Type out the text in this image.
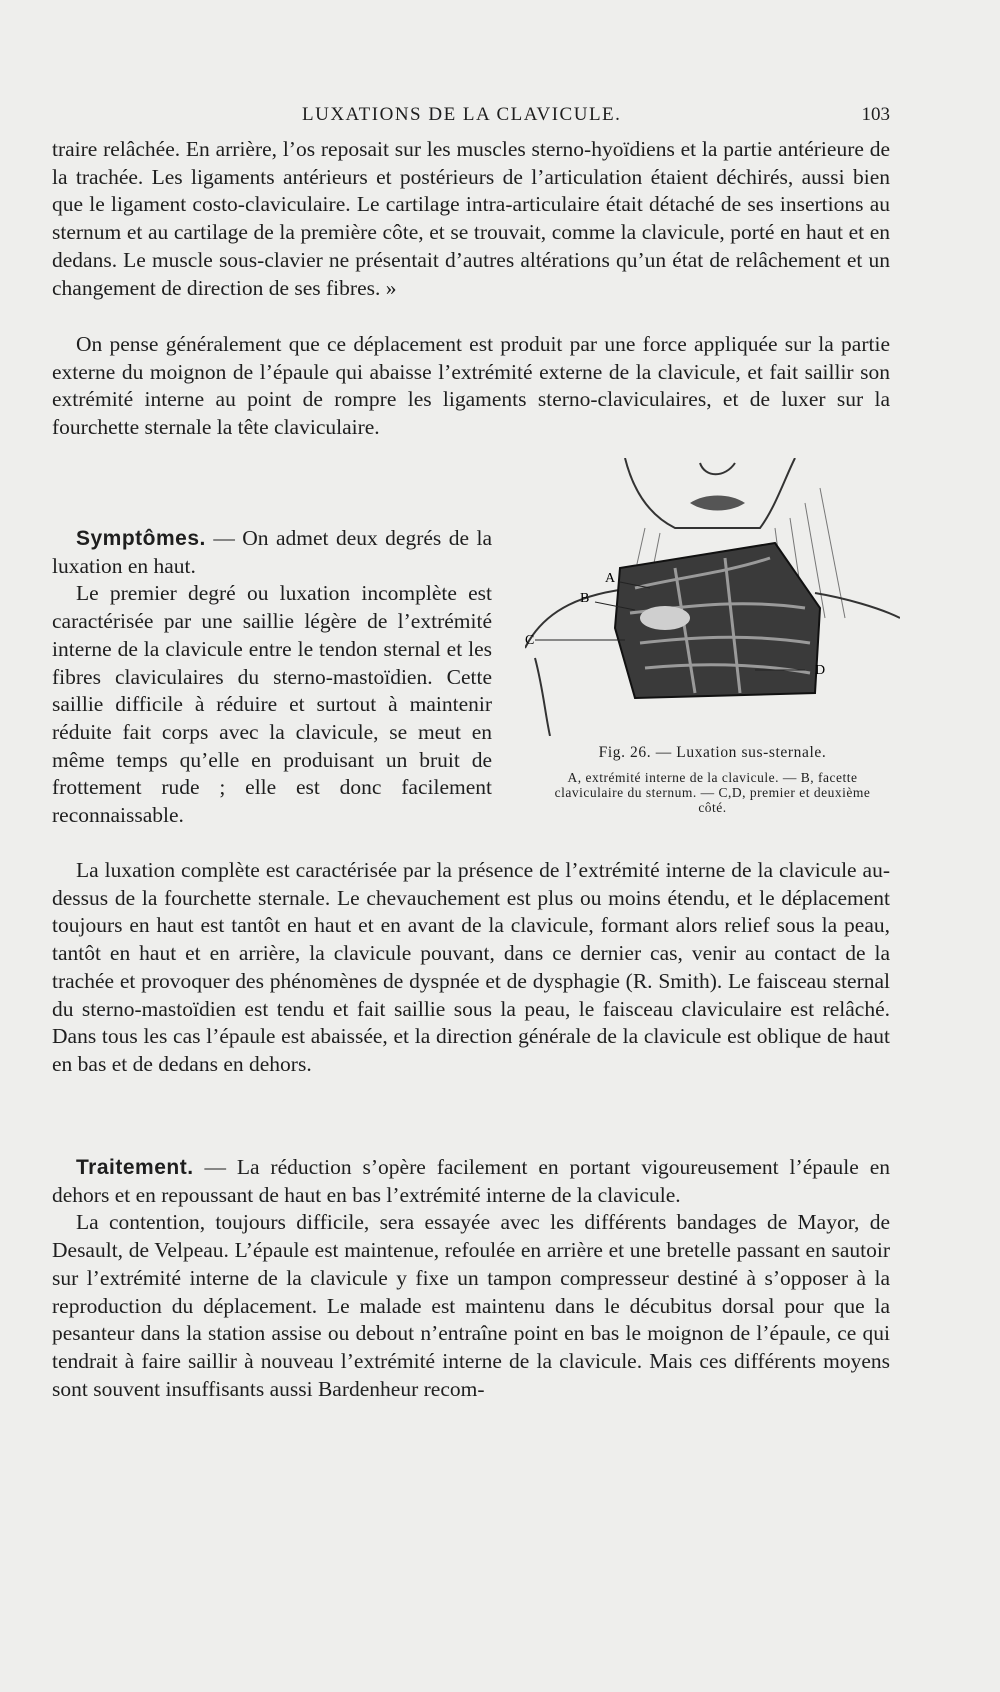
LUXATIONS DE LA CLAVICULE.	103

traire relâchée. En arrière, l’os reposait sur les muscles sterno-hyoïdiens et la partie antérieure de la trachée. Les ligaments antérieurs et postérieurs de l’articulation étaient déchirés, aussi bien que le ligament costo-claviculaire. Le cartilage intra-articulaire était détaché de ses insertions au sternum et au cartilage de la première côte, et se trouvait, comme la clavicule, porté en haut et en dedans. Le muscle sous-clavier ne présentait d’autres altérations qu’un état de relâchement et un changement de direction de ses fibres. »

On pense généralement que ce déplacement est produit par une force appliquée sur la partie externe du moignon de l’épaule qui abaisse l’extrémité externe de la clavicule, et fait saillir son extrémité interne au point de rompre les ligaments sterno-claviculaires, et de luxer sur la fourchette sternale la tête claviculaire.

Symptômes. — On admet deux degrés de la luxation en haut.

Le premier degré ou luxation incomplète est caractérisée par une saillie légère de l’extrémité interne de la clavicule entre le tendon sternal et les fibres claviculaires du sterno-mastoïdien. Cette saillie difficile à réduire et surtout à maintenir réduite fait corps avec la clavicule, se meut en même temps qu’elle en produisant un bruit de frottement rude ; elle est donc facilement reconnaissable.

La luxation complète est caractérisée par la présence de l’extrémité interne de la clavicule au-dessus de la fourchette sternale. Le chevauchement est plus ou moins étendu, et le déplacement toujours en haut est tantôt en haut et en avant de la clavicule, formant alors relief sous la peau, tantôt en haut et en arrière, la clavicule pouvant, dans ce dernier cas, venir au contact de la trachée et provoquer des phénomènes de dyspnée et de dysphagie (R. Smith). Le faisceau sternal du sterno-mastoïdien est tendu et fait saillie sous la peau, le faisceau claviculaire est relâché. Dans tous les cas l’épaule est abaissée, et la direction générale de la clavicule est oblique de haut en bas et de dedans en dehors.

Traitement. — La réduction s’opère facilement en portant vigoureusement l’épaule en dehors et en repoussant de haut en bas l’extrémité interne de la clavicule.

La contention, toujours difficile, sera essayée avec les différents bandages de Mayor, de Desault, de Velpeau. L’épaule est maintenue, refoulée en arrière et une bretelle passant en sautoir sur l’extrémité interne de la clavicule y fixe un tampon compresseur destiné à s’opposer à la reproduction du déplacement. Le malade est maintenu dans le décubitus dorsal pour que la pesanteur dans la station assise ou debout n’entraîne point en bas le moignon de l’épaule, ce qui tendrait à faire saillir à nouveau l’extrémité interne de la clavicule. Mais ces différents moyens sont souvent insuffisants aussi Bardenheur recom-

A
B
C
D
Fig. 26. — Luxation sus-sternale.
A, extrémité interne de la clavicule. — B, facette claviculaire du sternum. — C,D, premier et deuxième côté.
